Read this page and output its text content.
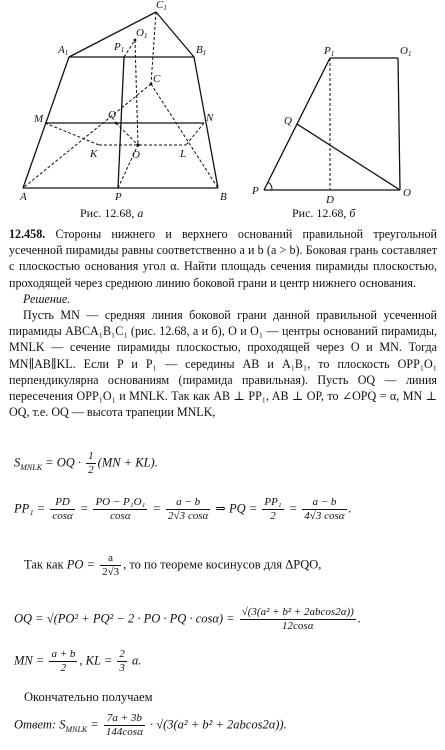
C1
A1	P1
O1
B1
C
M	N
Q
K	O	L
A	P	B
P1	O1
Q
P
D
O
Рис. 12.68, а	Рис. 12.68, б

12.458. Стороны нижнего и верхнего оснований правильной треугольной усеченной пирамиды равны соответственно a и b (a > b). Боковая грань составляет с плоскостью основания угол α. Найти площадь сечения пирамиды плоскостью, проходящей через среднюю линию боковой грани и центр нижнего основания.

Решение.

Пусть MN — средняя линия боковой грани данной правильной усеченной пирамиды ABCA₁B₁C₁ (рис. 12.68, а и б), O и O₁ — центры оснований пирамиды, MNLK — сечение пирамиды плоскостью, проходящей через O и MN. Тогда MN∥AB∥KL. Если P и P₁ — середины AB и A₁B₁, то плоскость OPP₁O₁ перпендикулярна основаниям (пирамида правильная). Пусть OQ — линия пересечения OPP₁O₁ и MNLK. Так как AB ⊥ PP₁, AB ⊥ OP, то ∠OPQ = α, MN ⊥ OQ, т.е. OQ — высота трапеции MNLK,

$S_{MNLK}$ = OQ · $\frac{1}{2} (MN + KL)$.
$PP_1 = \frac{PD}{\cos\alpha} = \frac{\text{PO − P₁O₁}}{\cos\alpha} = \frac{a - b}{2√3 \cos\alpha}$ ⇒ PQ = $\frac{\text{PP₁}}{2} = \frac{a - b}{4√3 \cos\alpha}$ .
Так как PO = $\frac{a}{2√3}$ , то по теореме косинусов для ΔPQO,
OQ = √(PO² + PQ² − 2 · PO · PQ · $\cos\alpha) = \frac{\text{√(3(a² + b² + 2abcos2α))}}{12\cos\alpha}$ .
MN = $\frac{a + b}{2}$ , KL = $\frac{2}{3} a$.
Окончательно получаем
Ответ: $S_{MNLK} = \frac{7a + 3b}{144\cos\alpha} \cdot √(3(a^2 + b^2 + 2abcos2\alpha))$.
